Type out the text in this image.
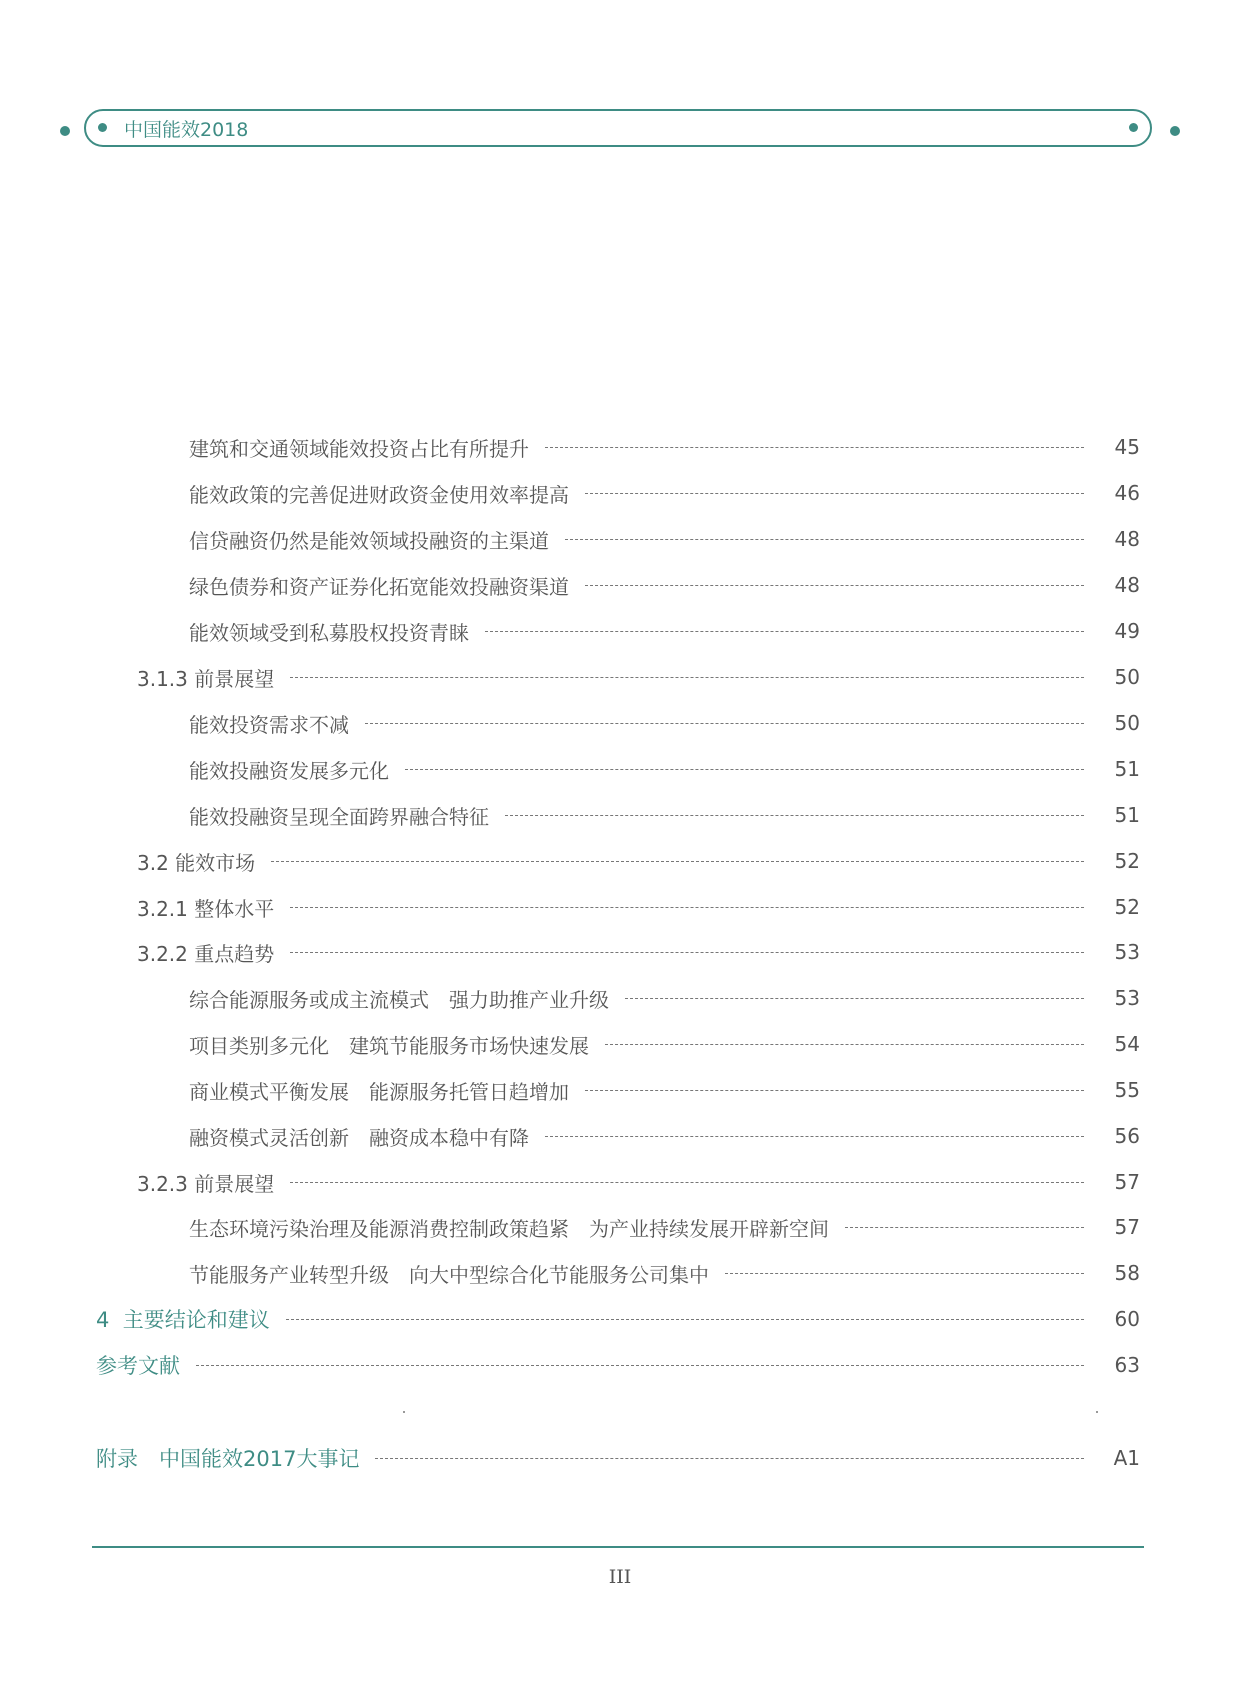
中国能效2018
建筑和交通领域能效投资占比有所提升	45
能效政策的完善促进财政资金使用效率提高	46
信贷融资仍然是能效领域投融资的主渠道	48
绿色债券和资产证券化拓宽能效投融资渠道	48
能效领域受到私募股权投资青睐	49
3.1.3 前景展望	50
能效投资需求不减	50
能效投融资发展多元化	51
能效投融资呈现全面跨界融合特征	51
3.2 能效市场	52
3.2.1 整体水平	52
3.2.2 重点趋势	53
综合能源服务或成主流模式　强力助推产业升级	53
项目类别多元化　建筑节能服务市场快速发展	54
商业模式平衡发展　能源服务托管日趋增加	55
融资模式灵活创新　融资成本稳中有降	56
3.2.3 前景展望	57
生态环境污染治理及能源消费控制政策趋紧　为产业持续发展开辟新空间	57
节能服务产业转型升级　向大中型综合化节能服务公司集中	58
4  主要结论和建议	60
参考文献	63
附录　中国能效2017大事记	A1
III
